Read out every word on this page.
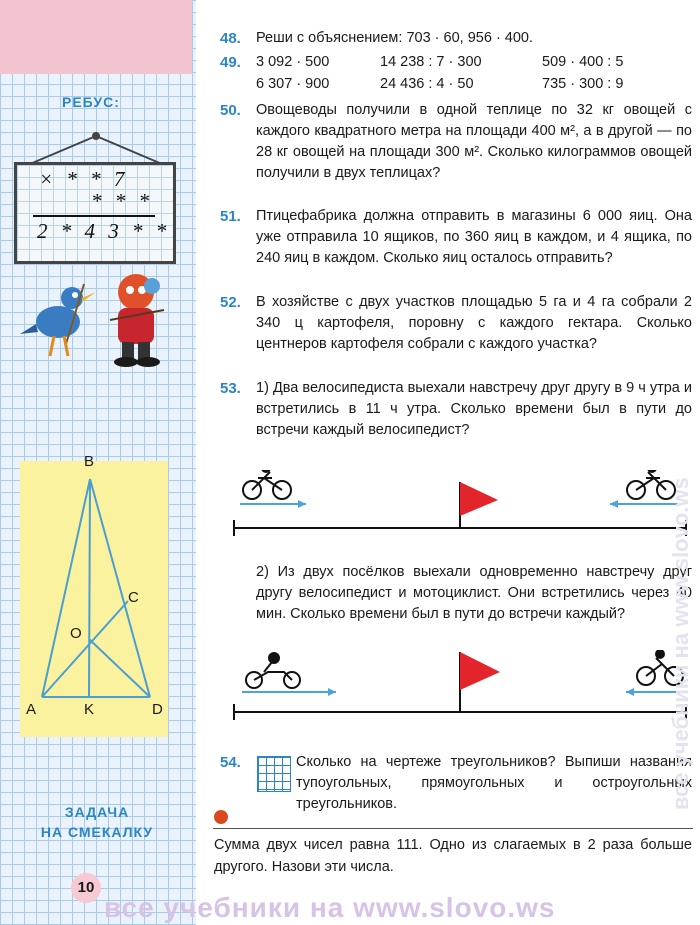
РЕБУС:
× * * 7
* * *
2 * 4 3 * *
B
C
O
A	K	D
ЗАДАЧА
НА СМЕКАЛКУ
10
48. Реши с объяснением: 703 · 60, 956 · 400.
49. 3 092 · 500	14 238 : 7 · 300	509 · 400 : 5
6 307 · 900	24 436 : 4 · 50	735 · 300 : 9
50. Овощеводы получили в одной теплице по 32 кг овощей с каждого квадратного метра на площади 400 м², а в другой — по 28 кг овощей на площади 300 м². Сколько килограммов овощей получили в двух теплицах?
51. Птицефабрика должна отправить в магазины 6 000 яиц. Она уже отправила 10 ящиков, по 360 яиц в каждом, и 4 ящика, по 240 яиц в каждом. Сколько яиц осталось отправить?
52. В хозяйстве с двух участков площадью 5 га и 4 га собрали 2 340 ц картофеля, поровну с каждого гектара. Сколько центнеров картофеля собрали с каждого участка?
53. 1) Два велосипедиста выехали навстречу друг другу в 9 ч утра и встретились в 11 ч утра. Сколько времени был в пути до встречи каждый велосипедист?
2) Из двух посёлков выехали одновременно навстречу друг другу велосипедист и мотоциклист. Они встретились через 40 мин. Сколько времени был в пути до встречи каждый?
54.	Сколько на чертеже треугольников? Выпиши названия тупоугольных, прямоугольных и остроугольных треугольников.
Сумма двух чисел равна 111. Одно из слагаемых в 2 раза больше другого. Назови эти числа.
все учебники на www.slovo.ws
все учебники на www.slovo.ws
